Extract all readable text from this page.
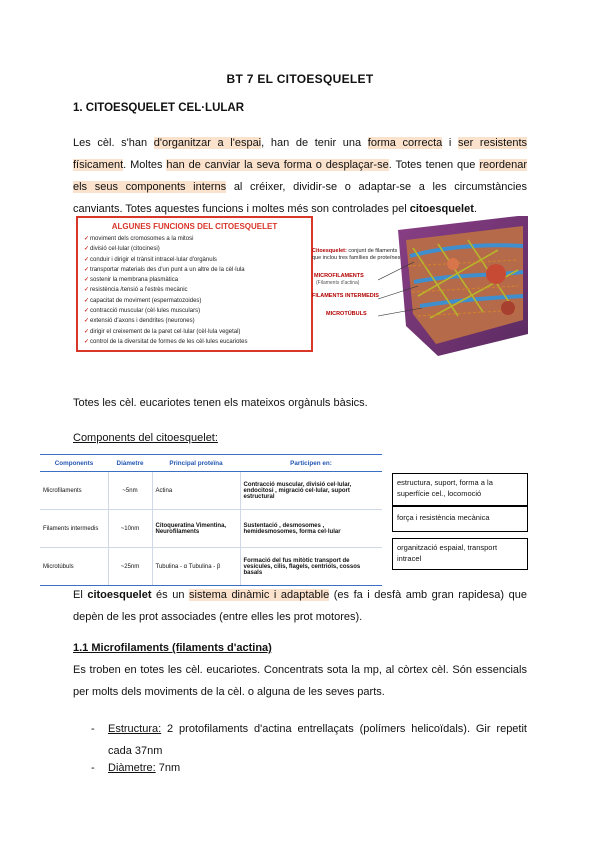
BT 7 EL CITOESQUELET
1. CITOESQUELET CEL·LULAR
Les cèl. s'han d'organitzar a l'espai, han de tenir una forma correcta i ser resistents físicament. Moltes han de canviar la seva forma o desplaçar-se. Totes tenen que reordenar els seus components interns al créixer, dividir-se o adaptar-se a les circumstàncies canviants. Totes aquestes funcions i moltes més son controlades pel citoesquelet.
ALGUNES FUNCIONS DEL CITOESQUELET
✓moviment dels cromosomes a la mitosi
✓divisió cel·lular (citocinesi)
✓conduir i dirigir el trànsit intracel·lular d'orgànuls
✓transportar materials des d'un punt a un altre de la cèl·lula
✓sostenir la membrana plasmàtica
✓resistència /tensió a l'estrès mecànic
✓capacitat de moviment (espermatozoides)
✓contracció muscular (cèl·lules musculars)
✓extensió d'axons i dendrites (neurones)
✓dirigir el creixement de la paret cel·lular (cèl·lula vegetal)
✓control de la diversitat de formes de les cèl·lules eucariotes
Citoesquelet: conjunt de filaments que inclou tres famílies de proteïnes
MICROFILAMENTS
(Filaments d'actina)
FILAMENTS INTERMEDIS
MICROTÚBULS
Totes les cèl. eucariotes tenen els mateixos orgànuls bàsics.
Components del citoesquelet:
Components	Diàmetre	Principal proteïna	Participen en:
Microfilaments	~5nm	Actina	Contracció muscular, divisió cel·lular, endocitosi , migració cel·lular, suport estructural
Filaments intermedis	~10nm	Citoqueratina Vimentina, Neurofilaments	Sustentació , desmosomes , hemidesmosomes, forma cel·lular
Microtúbuls	~25nm	Tubulina - α Tubulina - β	Formació del fus mitòtic transport de vesícules, cilis, flagels, centriols, cossos basals
estructura, suport, forma a la superfície cel., locomoció
força i resistència mecànica
organització espaial, transport intracel
El citoesquelet és un sistema dinàmic i adaptable (es fa i desfà amb gran rapidesa) que depèn de les prot associades (entre elles les prot motores).
1.1 Microfilaments (filaments d'actina)
Es troben en totes les cèl. eucariotes. Concentrats sota la mp, al còrtex cèl. Són essencials per molts dels moviments de la cèl. o alguna de les seves parts.
-	Estructura: 2 protofilaments d'actina entrellaçats (polímers helicoïdals). Gir repetit cada 37nm
-	Diàmetre: 7nm
